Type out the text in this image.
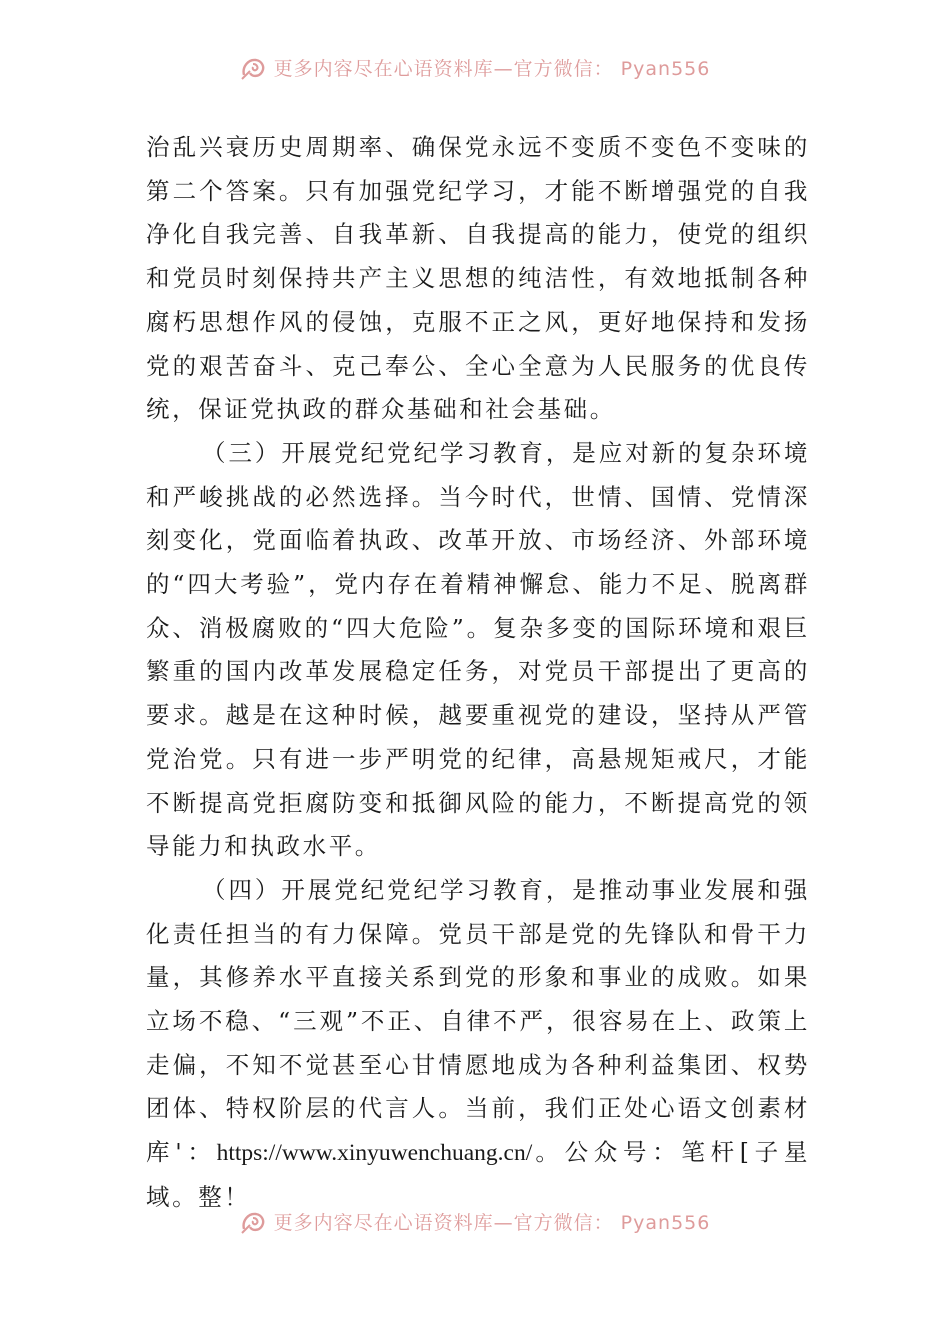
更多内容尽在心语资料库—官方微信： Pyan556

治乱兴衰历史周期率、确保党永远不变质不变色不变味的第二个答案。只有加强党纪学习，才能不断增强党的自我净化自我完善、自我革新、自我提高的能力，使党的组织和党员时刻保持共产主义思想的纯洁性，有效地抵制各种腐朽思想作风的侵蚀，克服不正之风，更好地保持和发扬党的艰苦奋斗、克己奉公、全心全意为人民服务的优良传统，保证党执政的群众基础和社会基础。

（三）开展党纪党纪学习教育，是应对新的复杂环境和严峻挑战的必然选择。当今时代，世情、国情、党情深刻变化，党面临着执政、改革开放、市场经济、外部环境的“四大考验”，党内存在着精神懈怠、能力不足、脱离群众、消极腐败的“四大危险”。复杂多变的国际环境和艰巨繁重的国内改革发展稳定任务，对党员干部提出了更高的要求。越是在这种时候，越要重视党的建设，坚持从严管党治党。只有进一步严明党的纪律，高悬规矩戒尺，才能不断提高党拒腐防变和抵御风险的能力，不断提高党的领导能力和执政水平。

（四）开展党纪党纪学习教育，是推动事业发展和强化责任担当的有力保障。党员干部是党的先锋队和骨干力量，其修养水平直接关系到党的形象和事业的成败。如果立场不稳、“三观”不正、自律不严，很容易在上、政策上走偏，不知不觉甚至心甘情愿地成为各种利益集团、权势团体、特权阶层的代言人。当前，我们正处心语文创素材库'：https://www.xinyuwenchuang.cn/。公众号：笔杆[子星域。整！

更多内容尽在心语资料库—官方微信： Pyan556
